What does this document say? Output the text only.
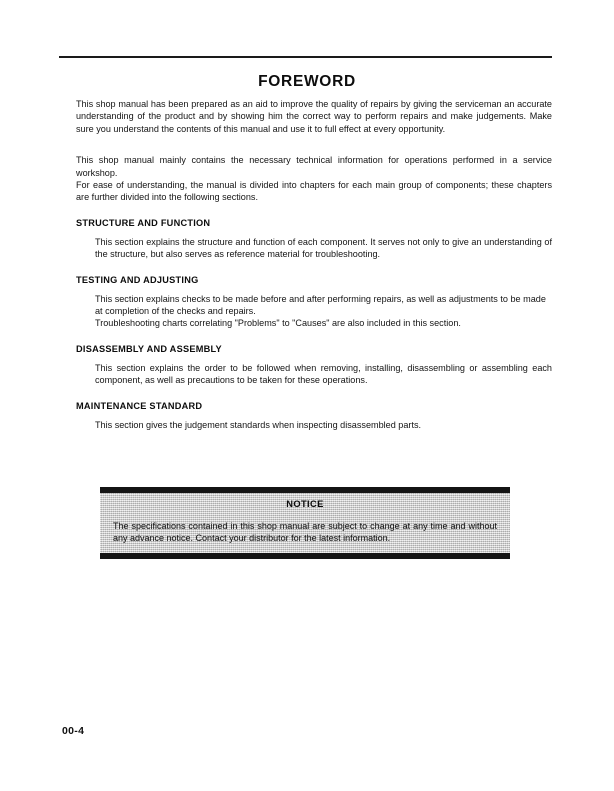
FOREWORD

This shop manual has been prepared as an aid to improve the quality of repairs by giving the serviceman an accurate understanding of the product and by showing him the correct way to perform repairs and make judgements. Make sure you understand the contents of this manual and use it to full effect at every opportunity.

This shop manual mainly contains the necessary technical information for operations performed in a service workshop.

For ease of understanding, the manual is divided into chapters for each main group of components; these chapters are further divided into the following sections.

STRUCTURE AND FUNCTION

This section explains the structure and function of each component. It serves not only to give an understanding of the structure, but also serves as reference material for troubleshooting.

TESTING AND ADJUSTING

This section explains checks to be made before and after performing repairs, as well as adjustments to be made at completion of the checks and repairs.

Troubleshooting charts correlating "Problems" to "Causes" are also included in this section.

DISASSEMBLY AND ASSEMBLY

This section explains the order to be followed when removing, installing, disassembling or assembling each component, as well as precautions to be taken for these operations.

MAINTENANCE STANDARD

This section gives the judgement standards when inspecting disassembled parts.

NOTICE
The specifications contained in this shop manual are subject to change at any time and without any advance notice. Contact your distributor for the latest information.
00-4
